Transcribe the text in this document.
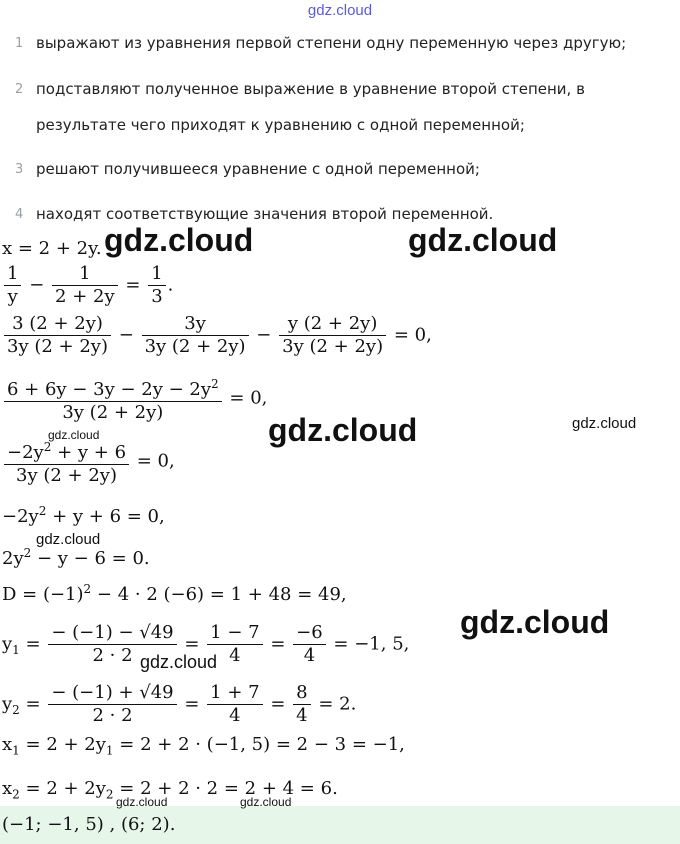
gdz.cloud
1 выражают из уравнения первой степени одну переменную через другую;
2 подставляют полученное выражение в уравнение второй степени, в
результате чего приходят к уравнению с одной переменной;
3 решают получившееся уравнение с одной переменной;
4 находят соответствующие значения второй переменной.
x = 2 + 2y.
$\frac{1}{y} - \frac{1}{2 + 2y} = \frac{1}{3}$ .
$\frac{3 (2 + 2y)}{3y (2 + 2y)} - \frac{3y}{3y (2 + 2y)} - \frac{y (2 + 2y)}{3y (2 + 2y)} = 0$,
$\frac{6 + 6y - 3y - 2y - 2y^2}{3y (2 + 2y)} = 0$,
$\frac{-2y^2 + y + 6}{3y (2 + 2y)} = 0$,
$-2y^2 + y + 6 = 0$,
$2y^2 - y - 6 = 0$.
$D = (-1)^2 - 4 \cdot 2$ (−6) = 1 + 48 = 49,
$y_1 = \frac{- (-1) - √49}{2 \cdot 2} = \frac{1 - 7}{4} = \frac{-6}{4} = -1$, 5,
$y_2 = \frac{- (-1) + √49}{2 \cdot 2} = \frac{1 + 7}{4} = \frac{8}{4} = 2$.
$x_1 = 2 + 2y_1 = 2 + 2 \cdot (-1$, 5) = 2 − 3 = −1,
$x_2 = 2 + 2y_2 = 2 + 2 \cdot 2 = 2 + 4 = 6$.
(−1; −1, 5) , (6; 2).
gdz.cloud	gdz.cloud
gdz.cloud	gdz.cloud
gdz.cloud
gdz.cloud
gdz.cloud
gdz.cloud
gdz.cloud	gdz.cloud
